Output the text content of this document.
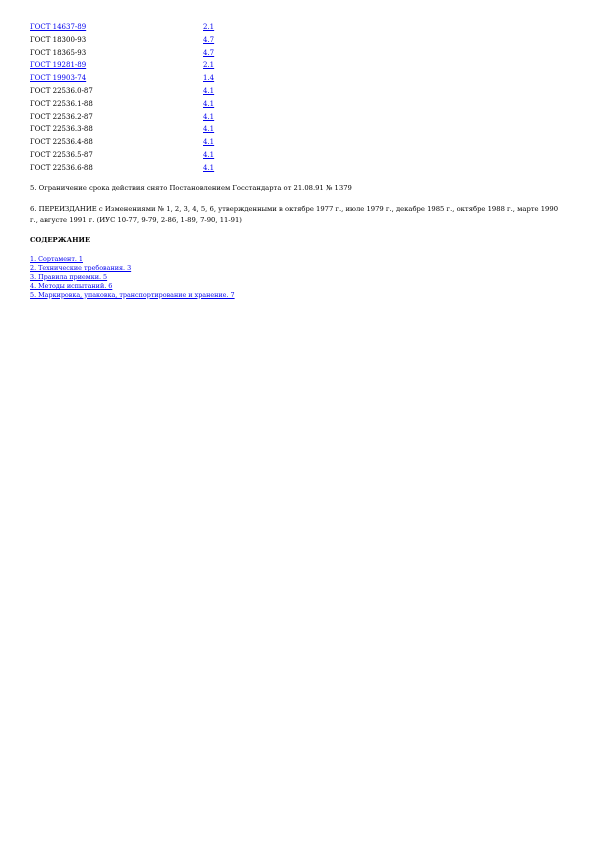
ГОСТ 14637-89	2.1
ГОСТ 18300-93	4.7
ГОСТ 18365-93	4.7
ГОСТ 19281-89	2.1
ГОСТ 19903-74	1.4
ГОСТ 22536.0-87	4.1
ГОСТ 22536.1-88	4.1
ГОСТ 22536.2-87	4.1
ГОСТ 22536.3-88	4.1
ГОСТ 22536.4-88	4.1
ГОСТ 22536.5-87	4.1
ГОСТ 22536.6-88	4.1

5. Ограничение срока действия снято Постановлением Госстандарта от 21.08.91 № 1379

6. ПЕРЕИЗДАНИЕ с Изменениями № 1, 2, 3, 4, 5, 6, утвержденными в октябре 1977 г., июле 1979 г., декабре 1985 г., октябре 1988 г., марте 1990 г., августе 1991 г. (ИУС 10-77, 9-79, 2-86, 1-89, 7-90, 11-91)

СОДЕРЖАНИЕ

1. Сортамент. 1
2. Технические требования. 3
3. Правила приемки. 5
4. Методы испытаний. 6
5. Маркировка, упаковка, транспортирование и хранение. 7
